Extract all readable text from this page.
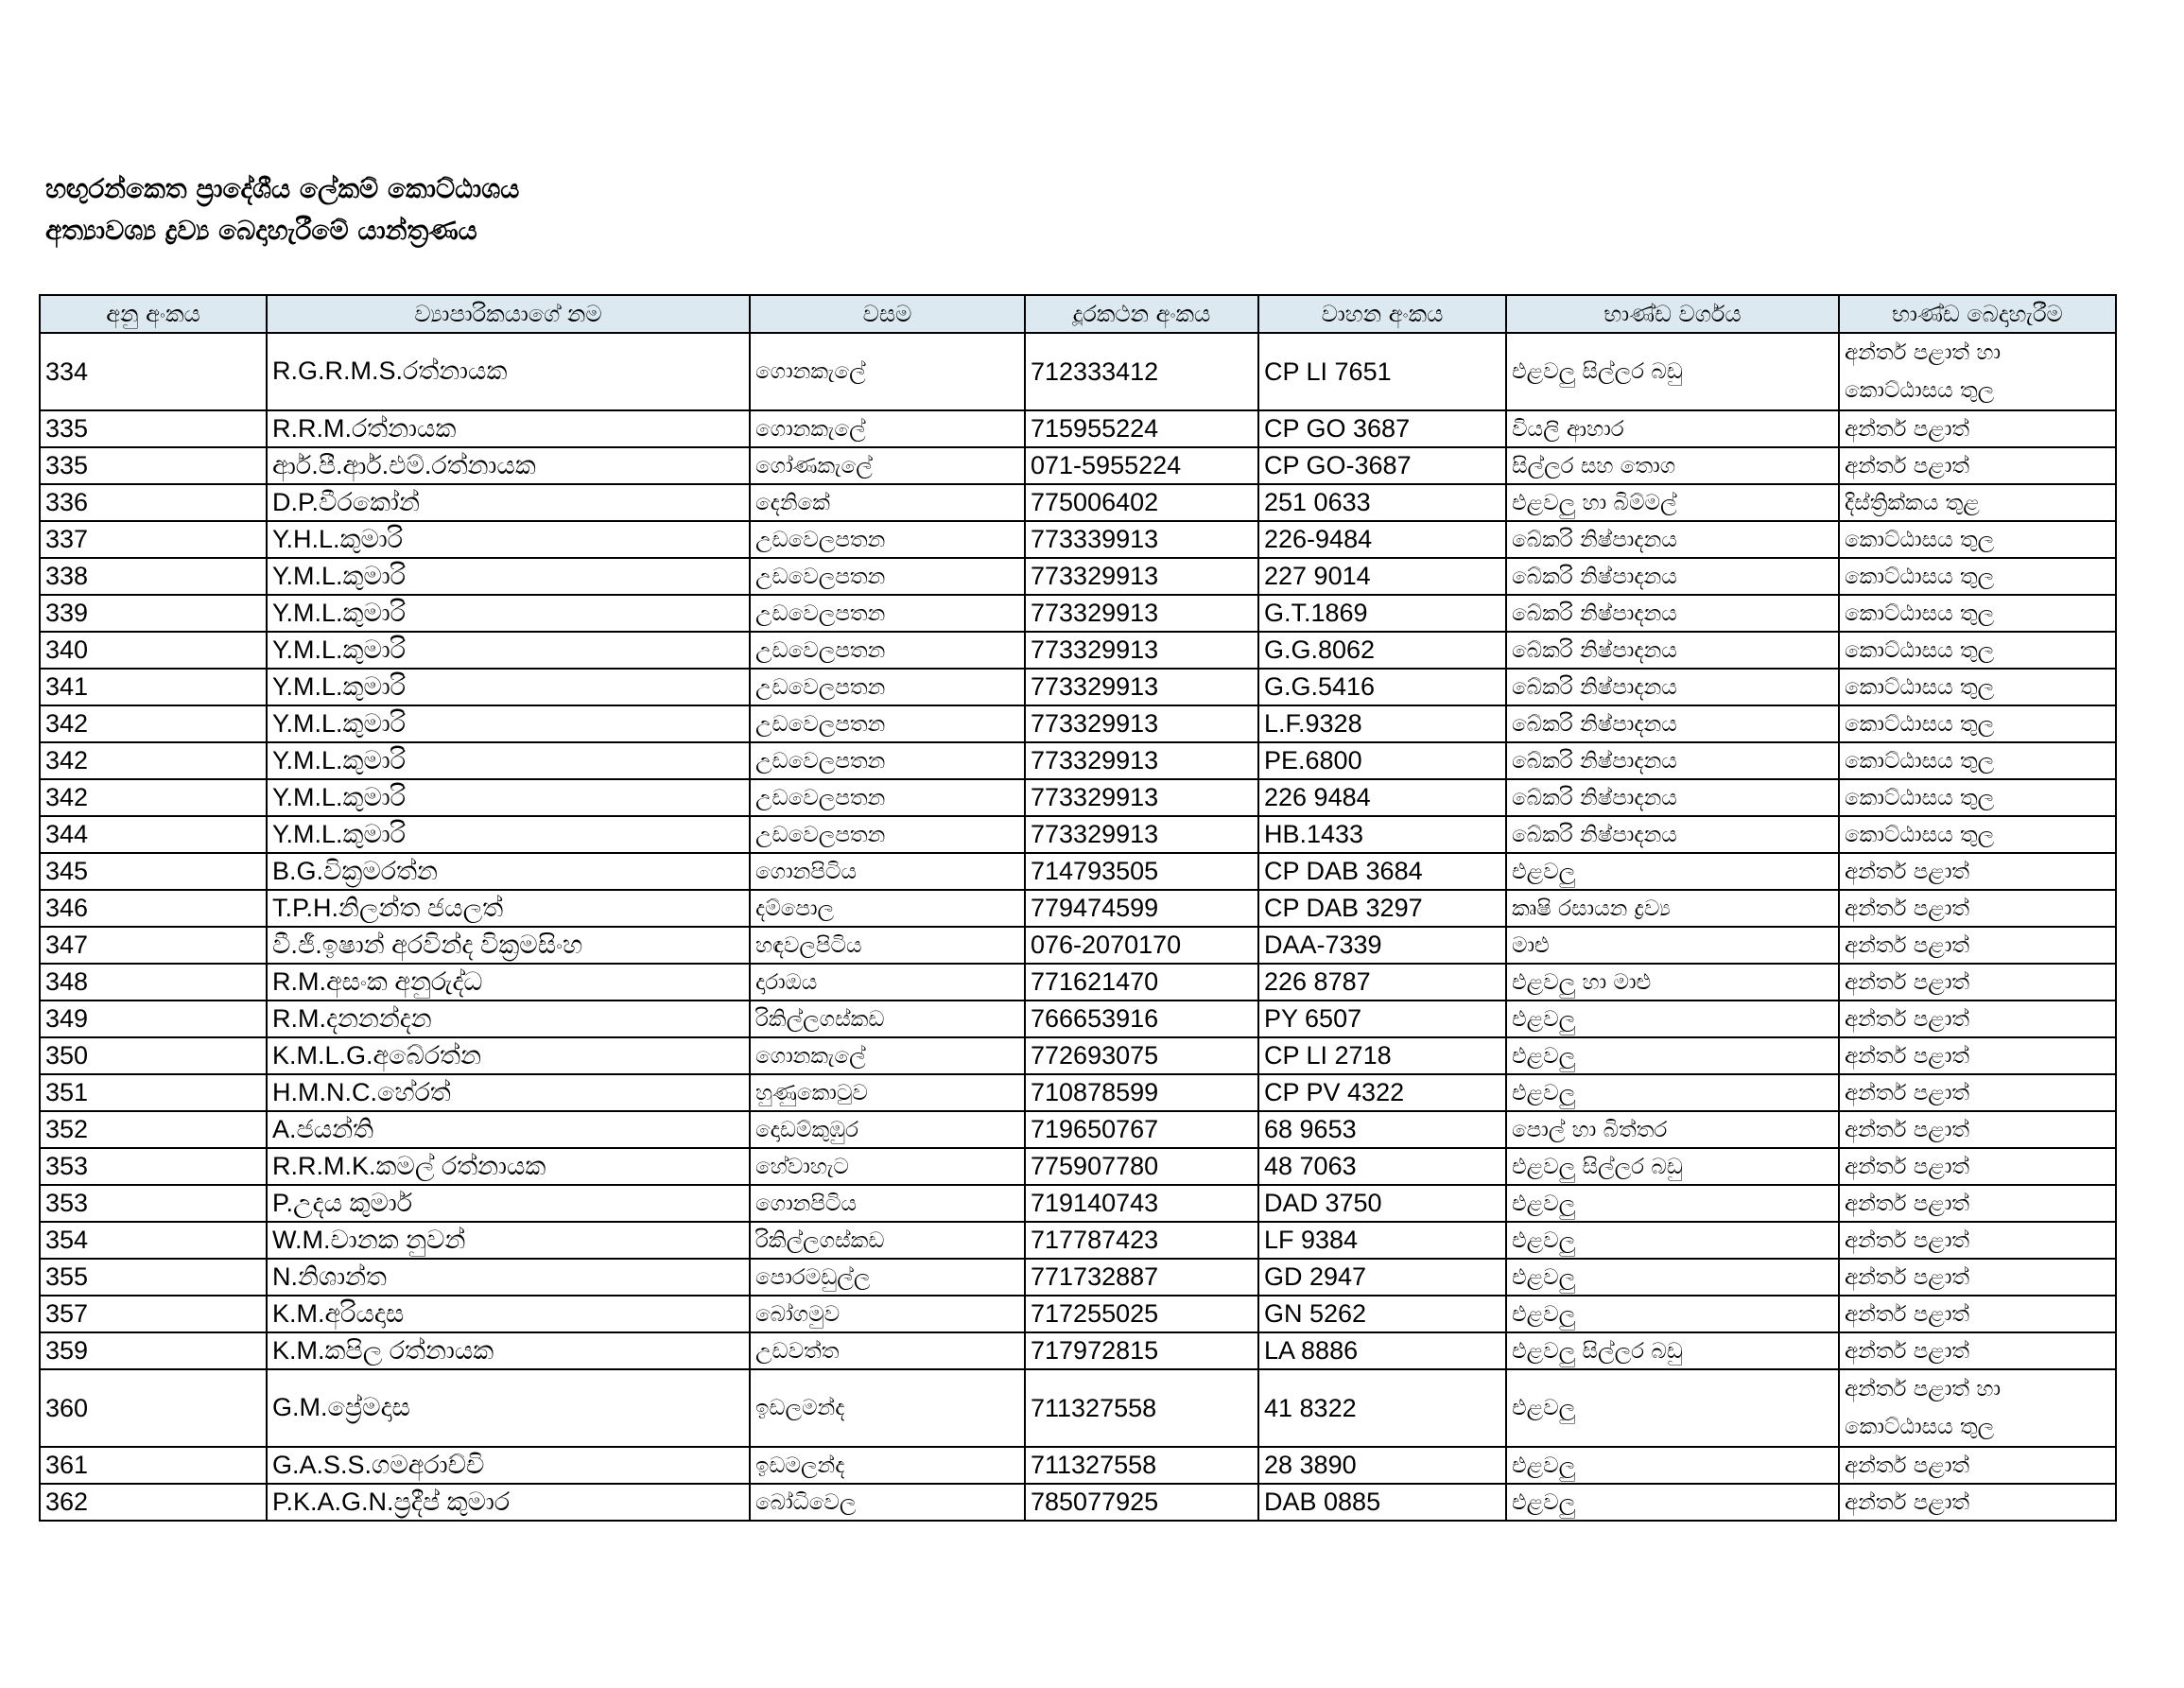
හඟුරන්කෙත ප්‍රාදේශීය ලේකම් කොට්ඨාශය
අත්‍යාවශ්‍ය ද්‍රව්‍ය බෙදාහැරීමේ යාන්ත්‍රණය
අනු අංකය	ව්‍යාපාරිකයාගේ නම	වසම	දූරකථන අංකය	වාහන අංකය	භාණ්ඩ වර්ගය	භාණ්ඩ බෙදාහැරීම
334	R.G.R.M.S.රත්නායක	ගොනකැලේ	712333412	CP LI 7651	එළවලු සිල්ලර බඩු	අන්තර් පළාත් හා
කොට්ඨාසය තුල

335	R.R.M.රත්නායක	ගොනකැලේ	715955224	CP GO 3687	වියලි ආහාර	අන්තර් පළාත්
335	ආර්.පී.ආර්.එම්.රත්නායක	ගෝණකැලේ	071-5955224	CP GO-3687	සිල්ලර සහ තොග	අන්තර් පළාත්
336	D.P.වීරකෝන්	දෙනිකේ	775006402	251 0633	එළවලු හා බිම්මල්	දිස්ත්‍රික්කය තුළ
337	Y.H.L.කුමාරි	උඩවෙලපතන	773339913	226-9484	බේකරි නිෂ්පාදනය	කොට්ඨාසය තුල
338	Y.M.L.කුමාරි	උඩවෙලපතන	773329913	227 9014	බේකරි නිෂ්පාදනය	කොට්ඨාසය තුල
339	Y.M.L.කුමාරි	උඩවෙලපතන	773329913	G.T.1869	බේකරි නිෂ්පාදනය	කොට්ඨාසය තුල
340	Y.M.L.කුමාරි	උඩවෙලපතන	773329913	G.G.8062	බේකරි නිෂ්පාදනය	කොට්ඨාසය තුල
341	Y.M.L.කුමාරි	උඩවෙලපතන	773329913	G.G.5416	බේකරි නිෂ්පාදනය	කොට්ඨාසය තුල
342	Y.M.L.කුමාරි	උඩවෙලපතන	773329913	L.F.9328	බේකරි නිෂ්පාදනය	කොට්ඨාසය තුල
342	Y.M.L.කුමාරි	උඩවෙලපතන	773329913	PE.6800	බේකරි නිෂ්පාදනය	කොට්ඨාසය තුල
342	Y.M.L.කුමාරි	උඩවෙලපතන	773329913	226 9484	බේකරි නිෂ්පාදනය	කොට්ඨාසය තුල
344	Y.M.L.කුමාරි	උඩවෙලපතන	773329913	HB.1433	බේකරි නිෂ්පාදනය	කොට්ඨාසය තුල
345	B.G.වික්‍රමරත්න	ගොනපිටිය	714793505	CP DAB 3684	එළවලු	අන්තර් පළාත්
346	T.P.H.නිලන්ත ජයලත්	දම්පොල	779474599	CP DAB 3297	කෘෂි රසායන ද්‍රව්‍ය	අන්තර් පළාත්
347	වී.ජී.ඉෂාන් අරවින්ද වික්‍රමසිංහ	හඳවලපිටිය	076-2070170	DAA-7339	මාළු	අන්තර් පළාත්
348	R.M.අසංක අනුරුද්ධ	දාරාඔය	771621470	226 8787	එළවලු හා මාළු	අන්තර් පළාත්
349	R.M.දනනන්දන	රිකිල්ලගස්කඩ	766653916	PY 6507	එළවලු	අන්තර් පළාත්
350	K.M.L.G.අබේරත්න	ගොනකැලේ	772693075	CP LI 2718	එළවලු	අන්තර් පළාත්
351	H.M.N.C.හේරත්	හුණුකොටුව	710878599	CP PV 4322	එළවලු	අන්තර් පළාත්
352	A.ජයන්ති	දොඩම්කුඹුර	719650767	68 9653	පොල් හා බිත්තර	අන්තර් පළාත්
353	R.R.M.K.කමල් රත්නායක	හේවාහැට	775907780	48 7063	එළවලු සිල්ලර බඩු	අන්තර් පළාත්
353	P.උදය කුමාර්	ගොනපිටිය	719140743	DAD 3750	එළවලු	අන්තර් පළාත්
354	W.M.චානක නුවන්	රිකිල්ලගස්කඩ	717787423	LF 9384	එළවලු	අන්තර් පළාත්
355	N.නිශාන්ත	පොරමඩුල්ල	771732887	GD 2947	එළවලු	අන්තර් පළාත්
357	K.M.අරියදාස	බෝගමුව	717255025	GN 5262	එළවලු	අන්තර් පළාත්
359	K.M.කපිල රත්නායක	උඩවත්ත	717972815	LA 8886	එළවලු සිල්ලර බඩු	අන්තර් පළාත්
360	G.M.ප්‍රේමදාස	ඉඩලමන්ද	711327558	41 8322	එළවලු	අන්තර් පළාත් හා
කොට්ඨාසය තුල

361	G.A.S.S.ගමඅරාච්චි	ඉඩමලන්ද	711327558	28 3890	එළවලු	අන්තර් පළාත්
362	P.K.A.G.N.ප්‍රදීප් කුමාර	බෝධිවෙල	785077925	DAB 0885	එළවලු	අන්තර් පළාත්
